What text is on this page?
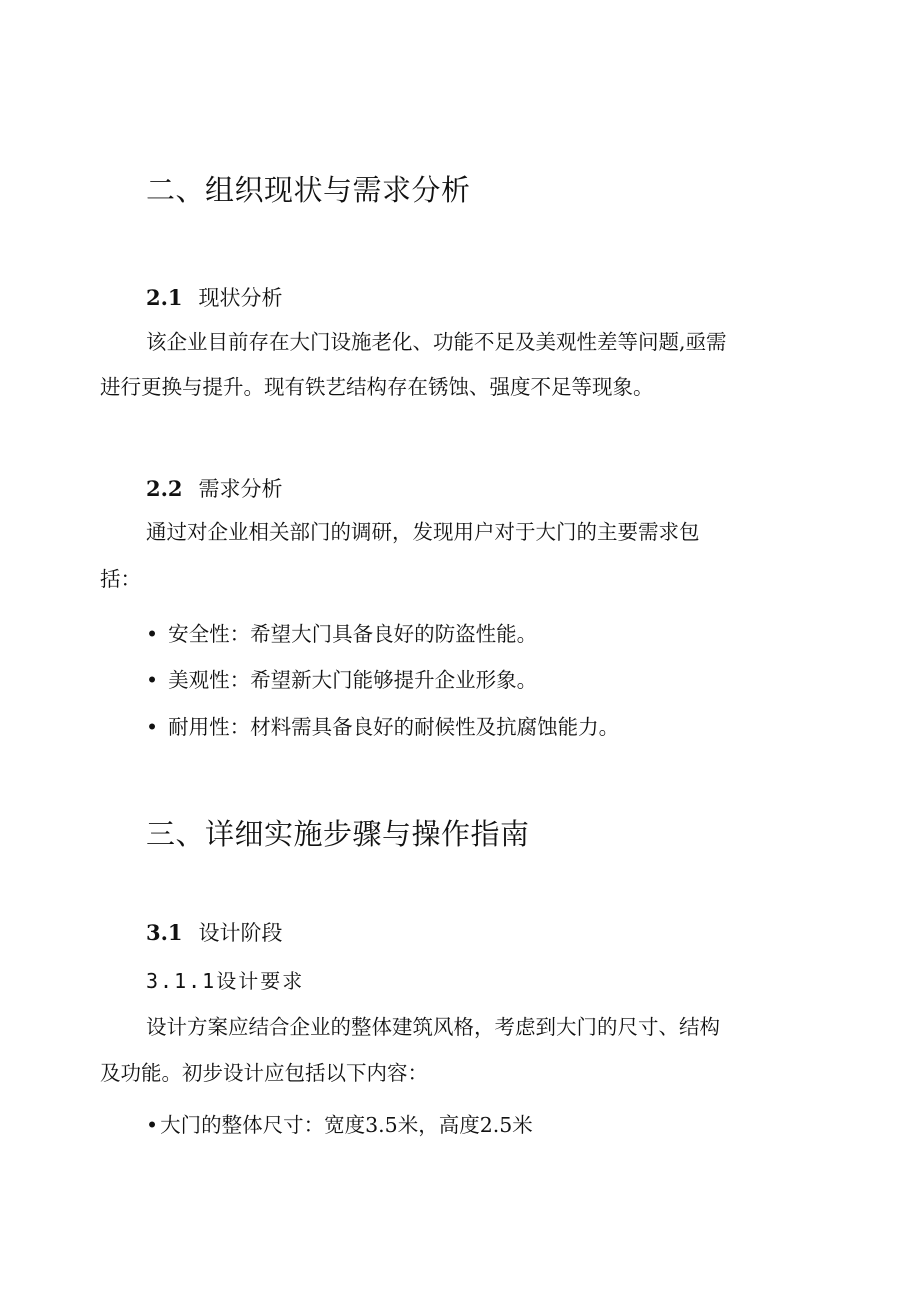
二、组织现状与需求分析
2.1 现状分析
该企业目前存在大门设施老化、功能不足及美观性差等问题,亟需
进行更换与提升。现有铁艺结构存在锈蚀、强度不足等现象。
2.2 需求分析
通过对企业相关部门的调研，发现用户对于大门的主要需求包
括：
• 安全性：希望大门具备良好的防盗性能。
• 美观性：希望新大门能够提升企业形象。
• 耐用性：材料需具备良好的耐候性及抗腐蚀能力。
三、详细实施步骤与操作指南
3.1 设计阶段
3.1.1设计要求
设计方案应结合企业的整体建筑风格，考虑到大门的尺寸、结构
及功能。初步设计应包括以下内容：
•大门的整体尺寸：宽度3.5米，高度2.5米
